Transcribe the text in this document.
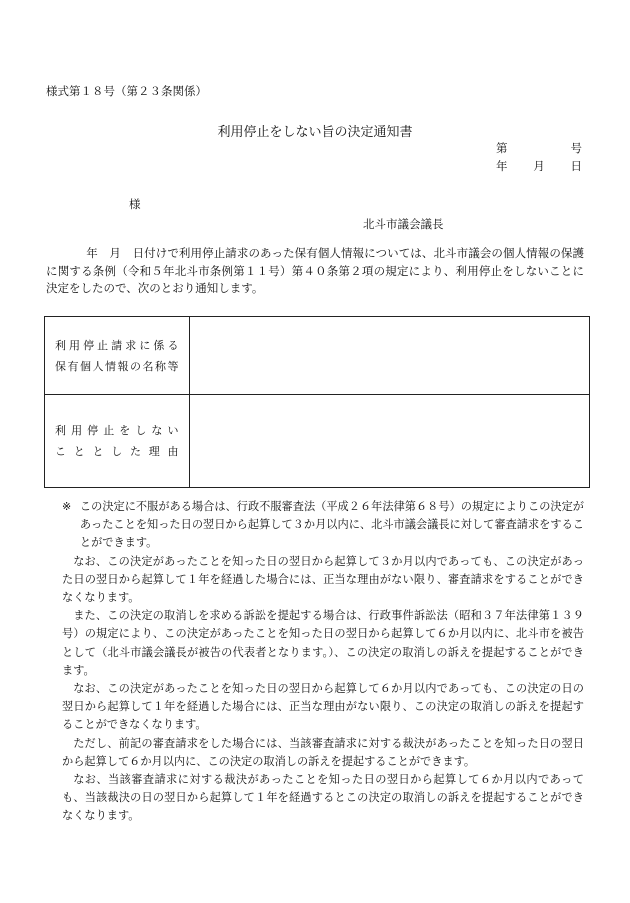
様式第１８号（第２３条関係）
利用停止をしない旨の決定通知書
第	号
年 月 日
様
北斗市議会議長

年　月　日付けで利用停止請求のあった保有個人情報については、北斗市議会の個人情報の保護に関する条例（令和５年北斗市条例第１１号）第４０条第２項の規定により、利用停止をしないことに決定をしたので、次のとおり通知します。

利用停止請求に係る
保有個人情報の名称等	

利用停止をしない
こととした理由	

※ この決定に不服がある場合は、行政不服審査法（平成２６年法律第６８号）の規定によりこの決定があったことを知った日の翌日から起算して３か月以内に、北斗市議会議長に対して審査請求をすることができます。

なお、この決定があったことを知った日の翌日から起算して３か月以内であっても、この決定があった日の翌日から起算して１年を経過した場合には、正当な理由がない限り、審査請求をすることができなくなります。

また、この決定の取消しを求める訴訟を提起する場合は、行政事件訴訟法（昭和３７年法律第１３９号）の規定により、この決定があったことを知った日の翌日から起算して６か月以内に、北斗市を被告として（北斗市議会議長が被告の代表者となります。）、この決定の取消しの訴えを提起することができます。

なお、この決定があったことを知った日の翌日から起算して６か月以内であっても、この決定の日の翌日から起算して１年を経過した場合には、正当な理由がない限り、この決定の取消しの訴えを提起することができなくなります。

ただし、前記の審査請求をした場合には、当該審査請求に対する裁決があったことを知った日の翌日から起算して６か月以内に、この決定の取消しの訴えを提起することができます。

なお、当該審査請求に対する裁決があったことを知った日の翌日から起算して６か月以内であっても、当該裁決の日の翌日から起算して１年を経過するとこの決定の取消しの訴えを提起することができなくなります。
